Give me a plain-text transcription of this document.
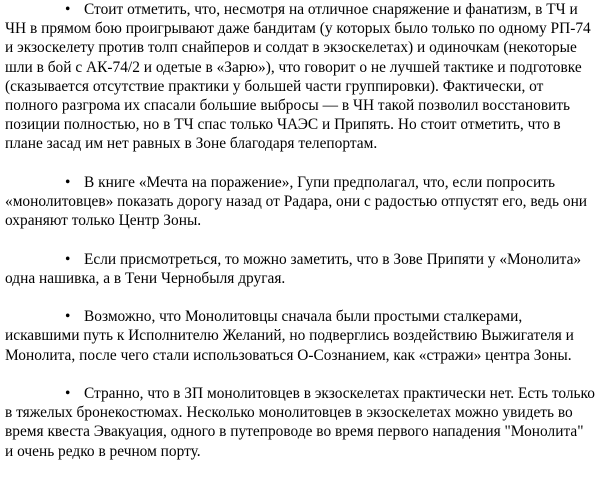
• Стоит отметить, что, несмотря на отличное снаряжение и фанатизм, в ТЧ и ЧН в прямом бою проигрывают даже бандитам (у которых было только по одному РП-74 и экзоскелету против толп снайперов и солдат в экзоскелетах) и одиночкам (некоторые шли в бой с АК-74/2 и одетые в «Зарю»), что говорит о не лучшей тактике и подготовке (сказывается отсутствие практики у большей части группировки). Фактически, от полного разгрома их спасали большие выбросы — в ЧН такой позволил восстановить позиции полностью, но в ТЧ спас только ЧАЭС и Припять. Но стоит отметить, что в плане засад им нет равных в Зоне благодаря телепортам.

• В книге «Мечта на поражение», Гупи предполагал, что, если попросить «монолитовцев» показать дорогу назад от Радара, они с радостью отпустят его, ведь они охраняют только Центр Зоны.

• Если присмотреться, то можно заметить, что в Зове Припяти у «Монолита» одна нашивка, а в Тени Чернобыля другая.

• Возможно, что Монолитовцы сначала были простыми сталкерами, искавшими путь к Исполнителю Желаний, но подверглись воздействию Выжигателя и Монолита, после чего стали использоваться О-Сознанием, как «стражи» центра Зоны.

• Странно, что в ЗП монолитовцев в экзоскелетах практически нет. Есть только в тяжелых бронекостюмах. Несколько монолитовцев в экзоскелетах можно увидеть во время квеста Эвакуация, одного в путепроводе во время первого нападения "Монолита" и очень редко в речном порту.
